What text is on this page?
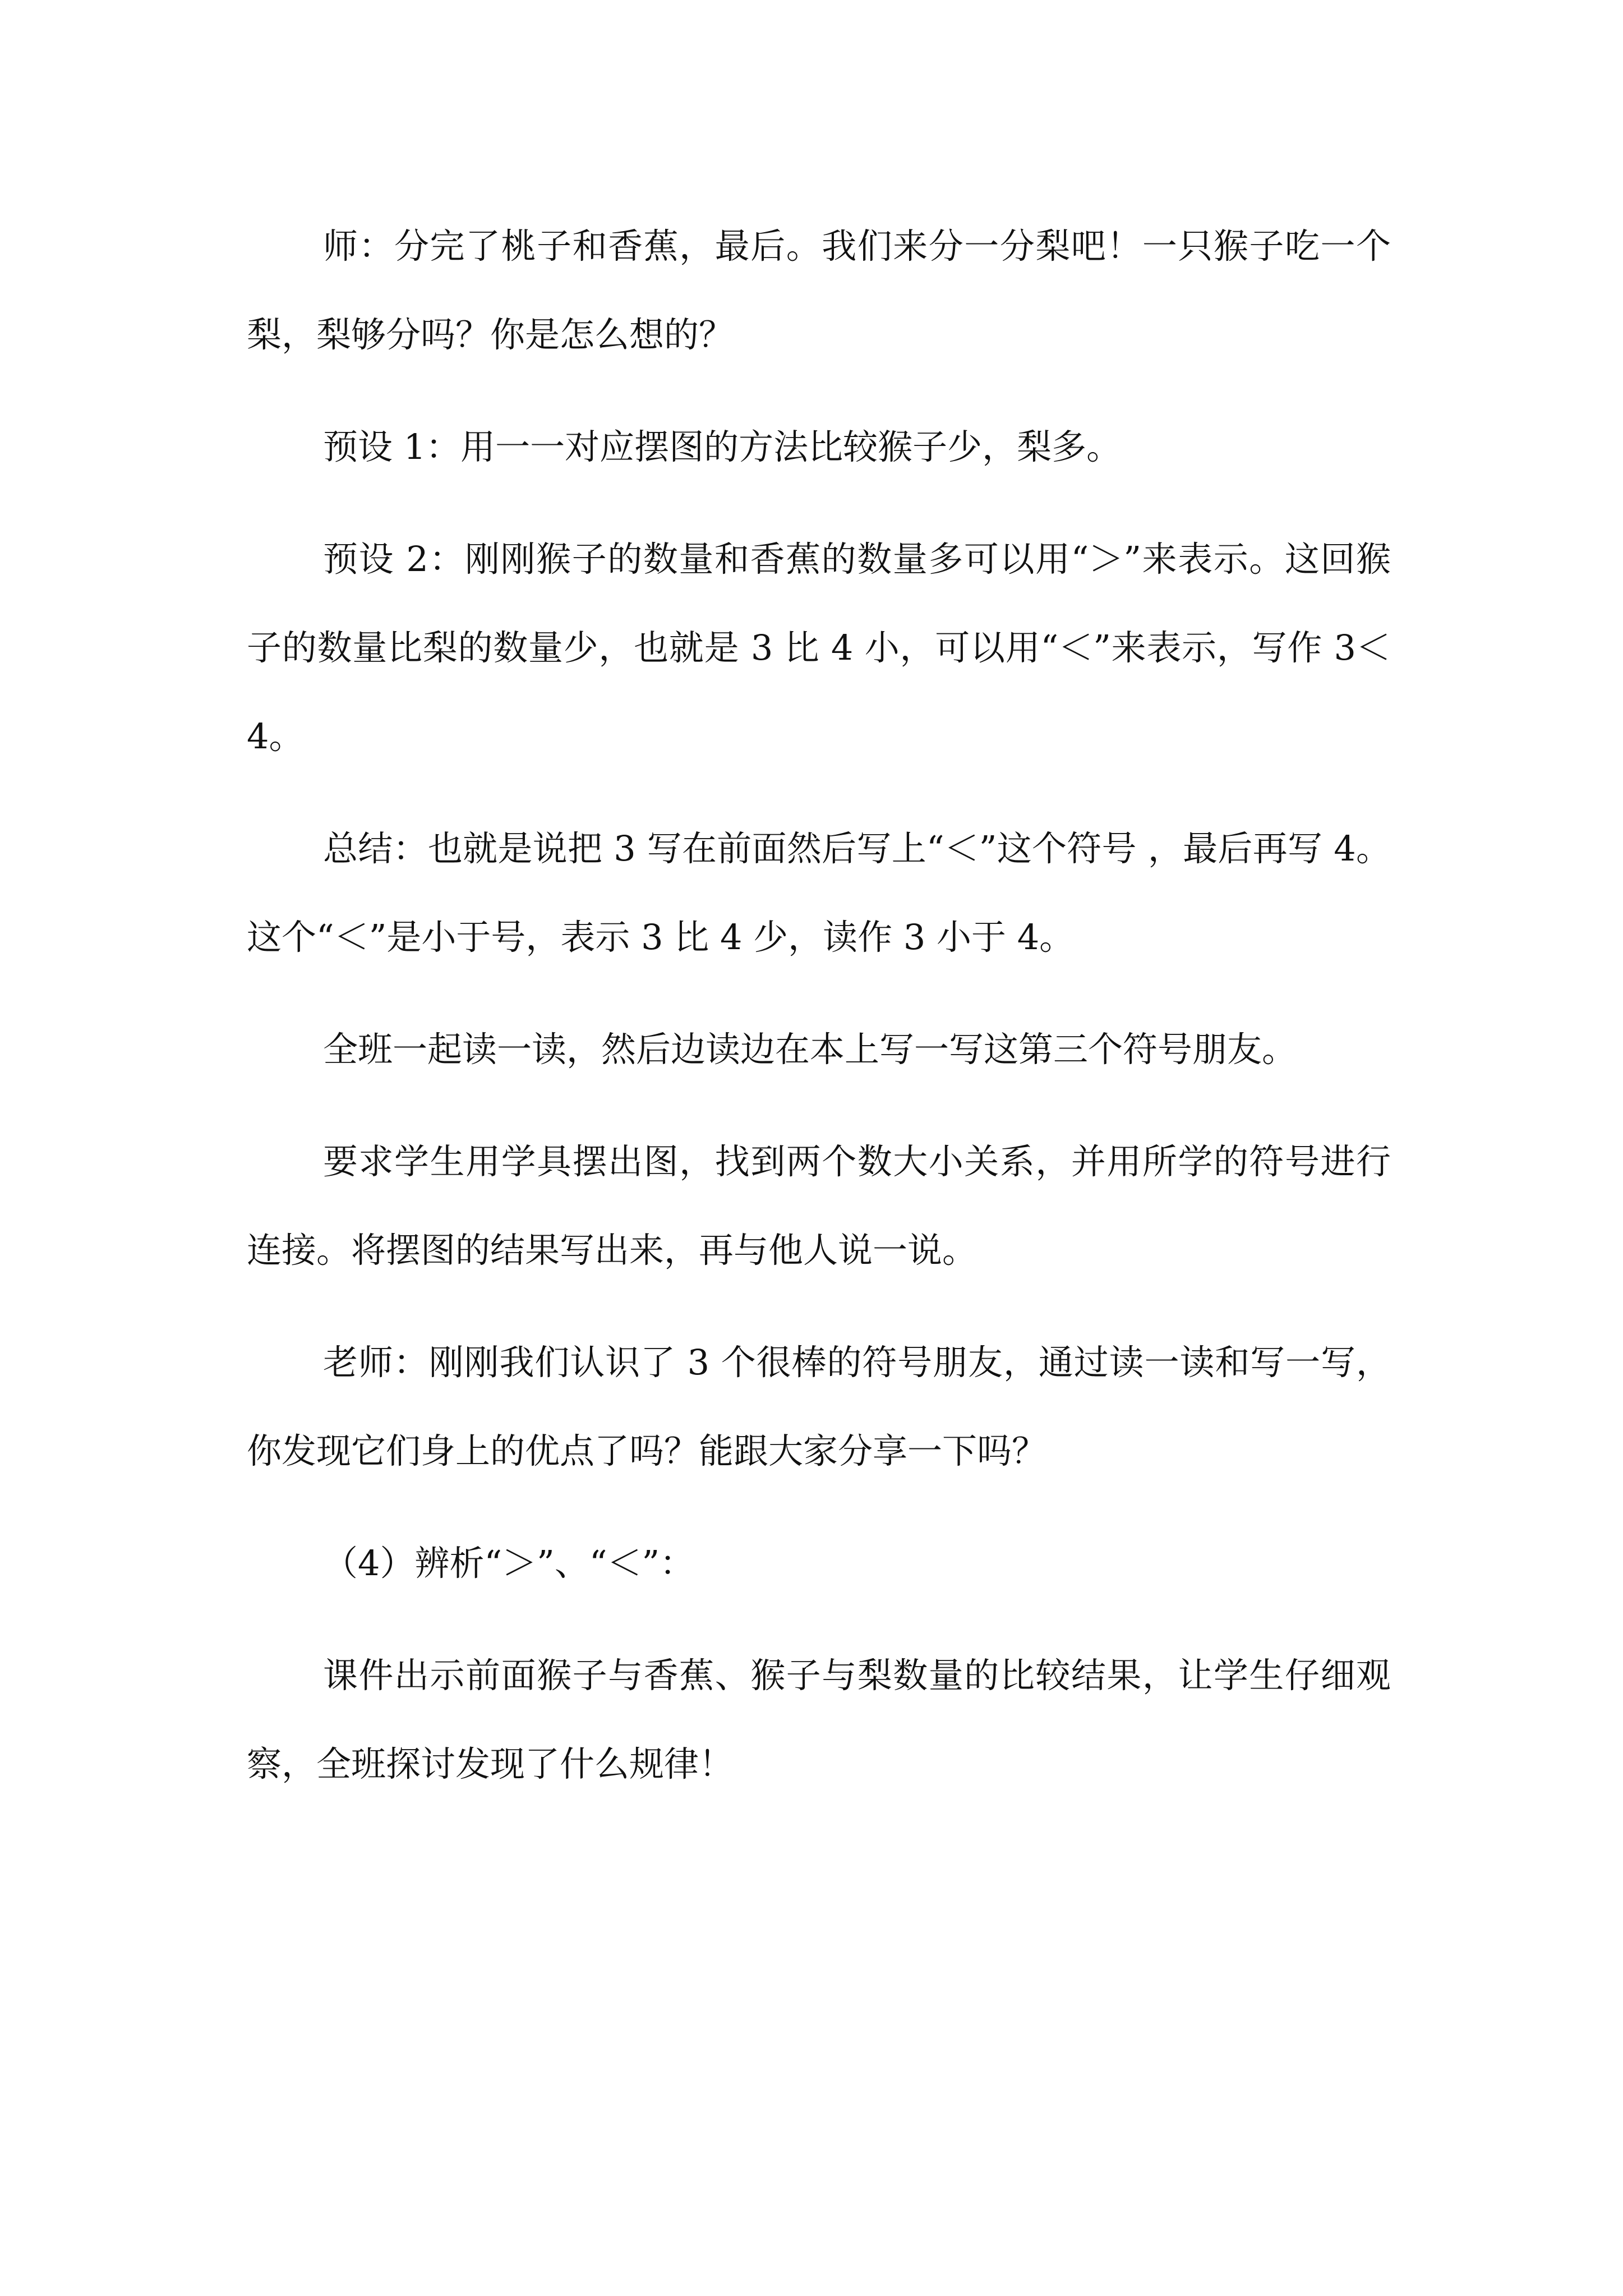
师：分完了桃子和香蕉，最后。我们来分一分梨吧！一只猴子吃一个梨，梨够分吗？你是怎么想的？

预设 1：用一一对应摆图的方法比较猴子少，梨多。

预设 2：刚刚猴子的数量和香蕉的数量多可以用“＞”来表示。这回猴子的数量比梨的数量少，也就是 3 比 4 小，可以用“＜”来表示，写作 3＜4。

总结：也就是说把 3 写在前面然后写上“＜”这个符号 ，最后再写 4。这个“＜”是小于号，表示 3 比 4 少，读作 3 小于 4。

全班一起读一读，然后边读边在本上写一写这第三个符号朋友。

要求学生用学具摆出图，找到两个数大小关系，并用所学的符号进行连接。将摆图的结果写出来，再与他人说一说。

老师：刚刚我们认识了 3 个很棒的符号朋友，通过读一读和写一写，你发现它们身上的优点了吗？能跟大家分享一下吗？

（4）辨析“＞”、“＜”：

课件出示前面猴子与香蕉、猴子与梨数量的比较结果，让学生仔细观察，全班探讨发现了什么规律！
